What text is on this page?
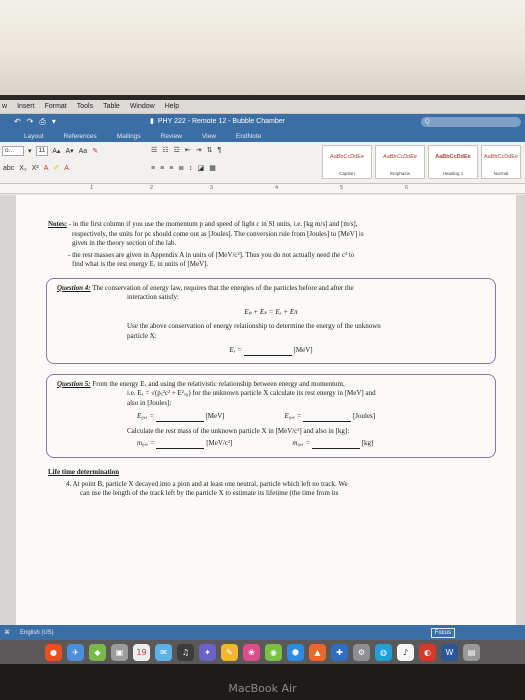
w Insert Format Tools Table Window Help
↶ ↷ ⎙ ▾	▮ PHY 222 - Remote 12 - Bubble Chamber	Q
Layout	References	Mailings	Review	View	EndNote
o...	▾	11	A▴ A▾ Aa ✎
abc X₂ X² A ✐ A
☰ ☷ ☲ ⇤ ⇥ ⇅ ¶
≡ ≡ ≡ ≣ ↕ ◪ ▦
AaBbCcDdEe
Caption
AaBbCcDdEe
Emphasis
AaBbCcDdEe
Heading 1
AaBbCcDdEe
Normal
1	2	3	4	5	6
Notes: - in the first column if you use the momentum p and speed of light c in SI units, i.e. [kg m/s] and [m/s],
respectively, the units for pc should come out as [Joules]. The conversion rule from [Joules] to [MeV] is
given in the theory section of the lab.
- the rest masses are given in Appendix A in units of [MeV/c²]. Thus you do not actually need the c² to
find what is the rest energy Eᵣ in units of [MeV].
Question 4: The conservation of energy law, requires that the energies of the particles before and after the
interaction satisfy:
Eₚ + Eₖ = Eₓ + Eπ
Use the above conservation of energy relationship to determine the energy of the unknown
particle X:
Eₓ =	[MeV]
Question 5: From the energy Eₓ and using the relativistic relationship between energy and momentum,
i.e. Eₓ = √(pₓ²c² + E²ₓ₀) for the unknown particle X calculate its rest energy in [MeV] and
also in [Joules]:
E₀,ₓ =	[MeV]	E₀,ₓ =	[Joules]
Calculate the rest mass of the unknown particle X in [MeV/c²] and also in [kg]:
m₀,ₓ =	[MeV/c²]	m₀,ₓ =	[kg]
Life time determination
4. At point B, particle X decayed into a pion and at least one neutral, particle which left no track. We
can use the length of the track left by the particle X to estimate its lifetime (the time from its
⌘ English (US)	Focus
●	✈	◆	▣	19	✉	♫	✦	✎	❀	◉	⬢	▲	✚	⚙	◍	♪	◐	W	▤
MacBook Air
